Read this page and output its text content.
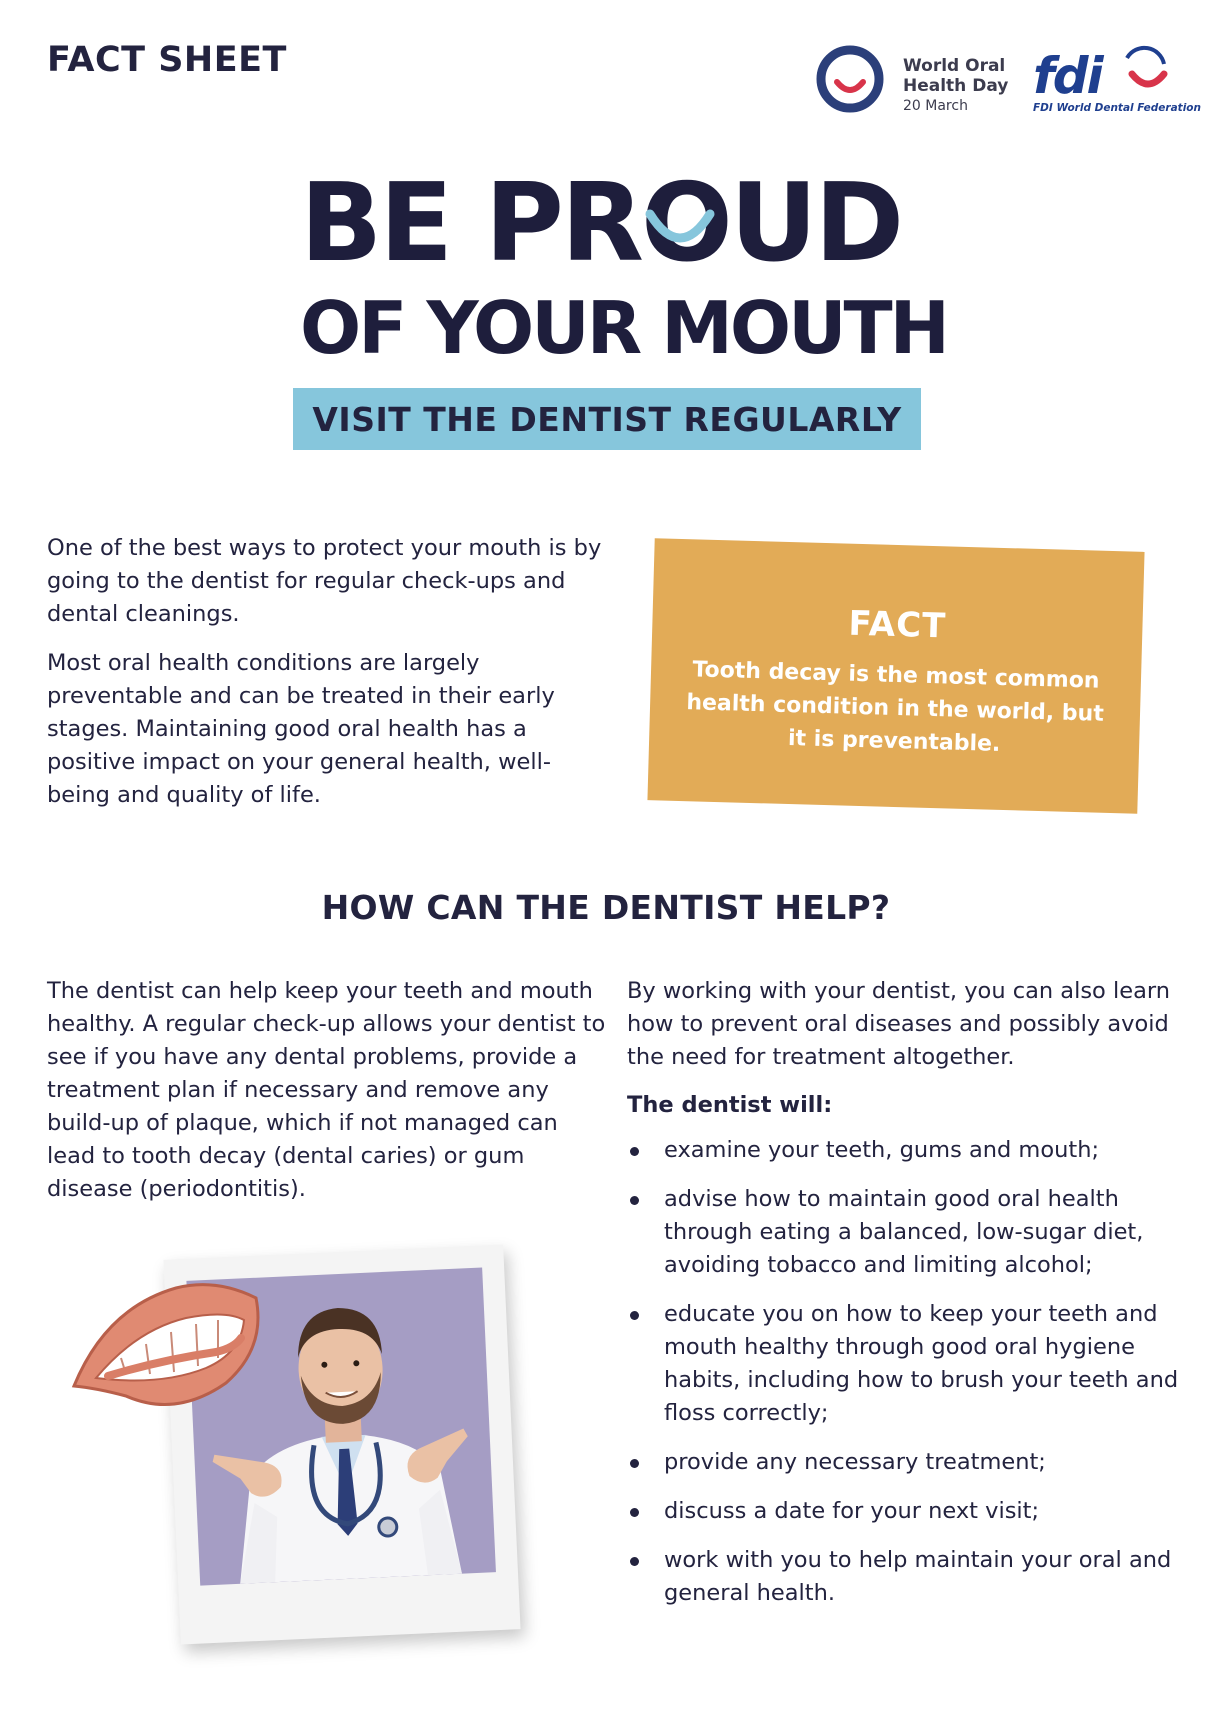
FACT SHEET	World Oral
Health Day
20 March
fdi
FDI World Dental Federation
BE PROUD
OF YOUR MOUTH
VISIT THE DENTIST REGULARLY

One of the best ways to protect your mouth is by going to the dentist for regular check-ups and dental cleanings.

Most oral health conditions are largely preventable and can be treated in their early stages. Maintaining good oral health has a positive impact on your general health, well-being and quality of life.

FACT
Tooth decay is the most common health condition in the world, but it is preventable.
HOW CAN THE DENTIST HELP?
The dentist can help keep your teeth and mouth healthy. A regular check-up allows your dentist to see if you have any dental problems, provide a treatment plan if necessary and remove any build-up of plaque, which if not managed can lead to tooth decay (dental caries) or gum disease (periodontitis).

By working with your dentist, you can also learn how to prevent oral diseases and possibly avoid the need for treatment altogether.

The dentist will:

examine your teeth, gums and mouth;
advise how to maintain good oral health through eating a balanced, low-sugar diet, avoiding tobacco and limiting alcohol;
educate you on how to keep your teeth and mouth healthy through good oral hygiene habits, including how to brush your teeth and floss correctly;
provide any necessary treatment;
discuss a date for your next visit;
work with you to help maintain your oral and general health.
